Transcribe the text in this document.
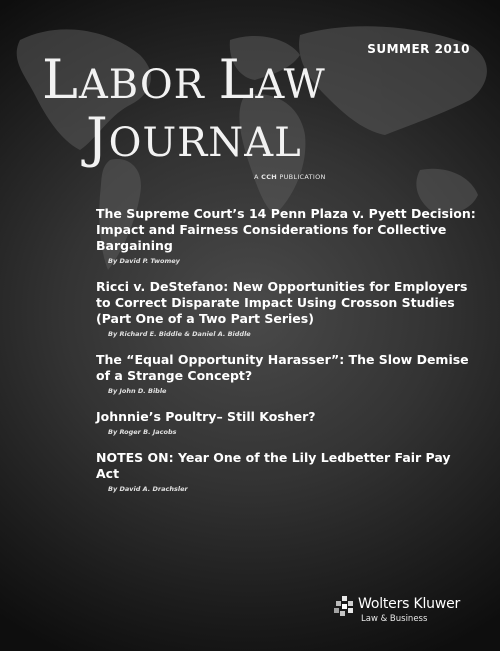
SUMMER 2010
LABOR LAW
JOURNAL
A CCH PUBLICATION
The Supreme Court’s 14 Penn Plaza v. Pyett Decision: Impact and Fairness Considerations for Collective Bargaining
By David P. Twomey
Ricci v. DeStefano: New Opportunities for Employers to Correct Disparate Impact Using Crosson Studies (Part One of a Two Part Series)
By Richard E. Biddle & Daniel A. Biddle
The “Equal Opportunity Harasser”: The Slow Demise of a Strange Concept?
By John D. Bible
Johnnie’s Poultry– Still Kosher?
By Roger B. Jacobs
NOTES ON: Year One of the Lily Ledbetter Fair Pay Act
By David A. Drachsler
Wolters Kluwer
Law & Business
